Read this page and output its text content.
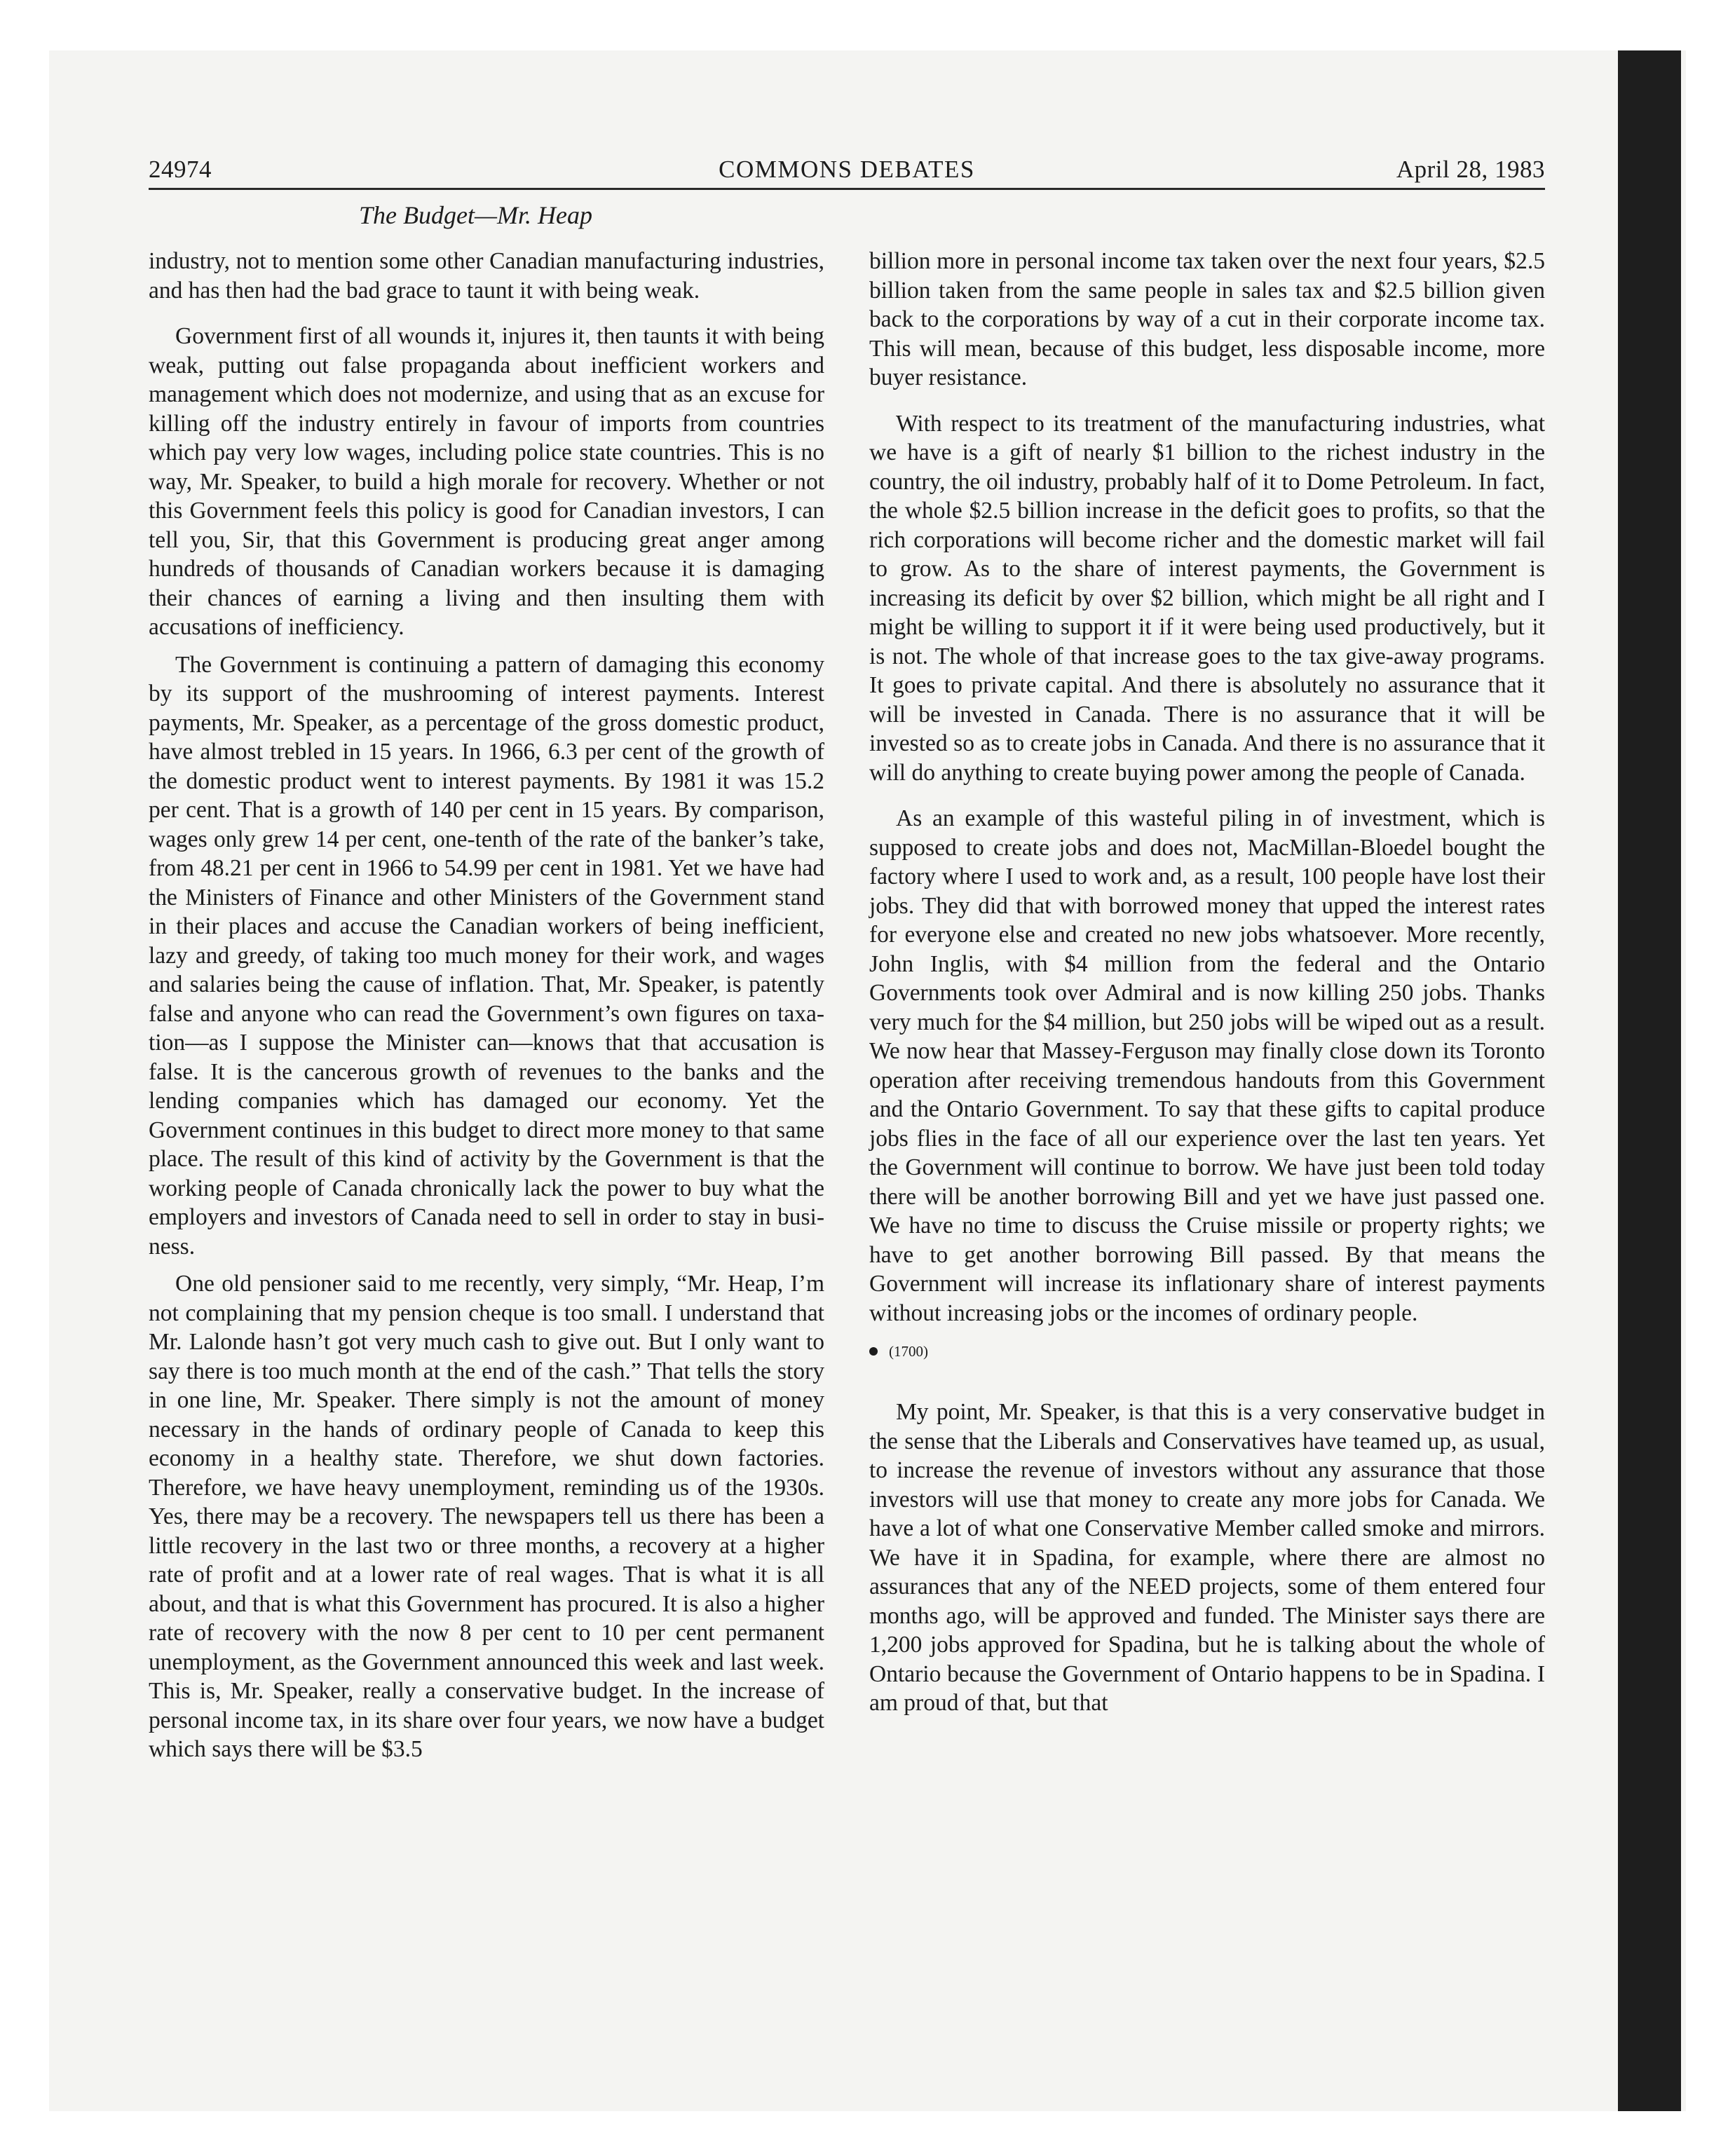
24974	COMMONS DEBATES	April 28, 1983
The Budget—Mr. Heap

industry, not to mention some other Canadian manufacturing industries, and has then had the bad grace to taunt it with being weak.

Government first of all wounds it, injures it, then taunts it with being weak, putting out false propaganda about inefficient workers and management which does not modernize, and using that as an excuse for killing off the industry entirely in favour of imports from countries which pay very low wages, including police state countries. This is no way, Mr. Speaker, to build a high morale for recovery. Whether or not this Government feels this policy is good for Canadian investors, I can tell you, Sir, that this Government is producing great anger among hundreds of thousands of Canadian workers because it is damaging their chances of earning a living and then insulting them with accusations of inefficiency.

The Government is continuing a pattern of damaging this economy by its support of the mushrooming of interest payments. Interest payments, Mr. Speaker, as a percentage of the gross domestic product, have almost trebled in 15 years. In 1966, 6.3 per cent of the growth of the domestic product went to interest payments. By 1981 it was 15.2 per cent. That is a growth of 140 per cent in 15 years. By comparison, wages only grew 14 per cent, one-tenth of the rate of the banker’s take, from 48.21 per cent in 1966 to 54.99 per cent in 1981. Yet we have had the Ministers of Finance and other Ministers of the Government stand in their places and accuse the Canadian workers of being inefficient, lazy and greedy, of taking too much money for their work, and wages and salaries being the cause of inflation. That, Mr. Speaker, is patently false and anyone who can read the Government’s own figures on taxation—as I suppose the Minister can—knows that that accusation is false. It is the cancerous growth of revenues to the banks and the lending companies which has damaged our economy. Yet the Government continues in this budget to direct more money to that same place. The result of this kind of activity by the Government is that the working people of Canada chronically lack the power to buy what the employers and investors of Canada need to sell in order to stay in business.

One old pensioner said to me recently, very simply, “Mr. Heap, I’m not complaining that my pension cheque is too small. I understand that Mr. Lalonde hasn’t got very much cash to give out. But I only want to say there is too much month at the end of the cash.” That tells the story in one line, Mr. Speaker. There simply is not the amount of money necessary in the hands of ordinary people of Canada to keep this economy in a healthy state. Therefore, we shut down factories. Therefore, we have heavy unemployment, reminding us of the 1930s. Yes, there may be a recovery. The newspapers tell us there has been a little recovery in the last two or three months, a recovery at a higher rate of profit and at a lower rate of real wages. That is what it is all about, and that is what this Government has procured. It is also a higher rate of recovery with the now 8 per cent to 10 per cent permanent unemployment, as the Government announced this week and last week. This is, Mr. Speaker, really a conservative budget. In the increase of personal income tax, in its share over four years, we now have a budget which says there will be $3.5

billion more in personal income tax taken over the next four years, $2.5 billion taken from the same people in sales tax and $2.5 billion given back to the corporations by way of a cut in their corporate income tax. This will mean, because of this budget, less disposable income, more buyer resistance.

With respect to its treatment of the manufacturing industries, what we have is a gift of nearly $1 billion to the richest industry in the country, the oil industry, probably half of it to Dome Petroleum. In fact, the whole $2.5 billion increase in the deficit goes to profits, so that the rich corporations will become richer and the domestic market will fail to grow. As to the share of interest payments, the Government is increasing its deficit by over $2 billion, which might be all right and I might be willing to support it if it were being used productively, but it is not. The whole of that increase goes to the tax give-away programs. It goes to private capital. And there is absolutely no assurance that it will be invested in Canada. There is no assurance that it will be invested so as to create jobs in Canada. And there is no assurance that it will do anything to create buying power among the people of Canada.

As an example of this wasteful piling in of investment, which is supposed to create jobs and does not, MacMillan-Bloedel bought the factory where I used to work and, as a result, 100 people have lost their jobs. They did that with borrowed money that upped the interest rates for everyone else and created no new jobs whatsoever. More recently, John Inglis, with $4 million from the federal and the Ontario Governments took over Admiral and is now killing 250 jobs. Thanks very much for the $4 million, but 250 jobs will be wiped out as a result. We now hear that Massey-Ferguson may finally close down its Toronto operation after receiving tremendous handouts from this Government and the Ontario Government. To say that these gifts to capital produce jobs flies in the face of all our experience over the last ten years. Yet the Government will continue to borrow. We have just been told today there will be another borrowing Bill and yet we have just passed one. We have no time to discuss the Cruise missile or property rights; we have to get another borrowing Bill passed. By that means the Government will increase its inflationary share of interest payments without increasing jobs or the incomes of ordinary people.

(1700)

My point, Mr. Speaker, is that this is a very conservative budget in the sense that the Liberals and Conservatives have teamed up, as usual, to increase the revenue of investors without any assurance that those investors will use that money to create any more jobs for Canada. We have a lot of what one Conservative Member called smoke and mirrors. We have it in Spadina, for example, where there are almost no assurances that any of the NEED projects, some of them entered four months ago, will be approved and funded. The Minister says there are 1,200 jobs approved for Spadina, but he is talking about the whole of Ontario because the Government of Ontario happens to be in Spadina. I am proud of that, but that
